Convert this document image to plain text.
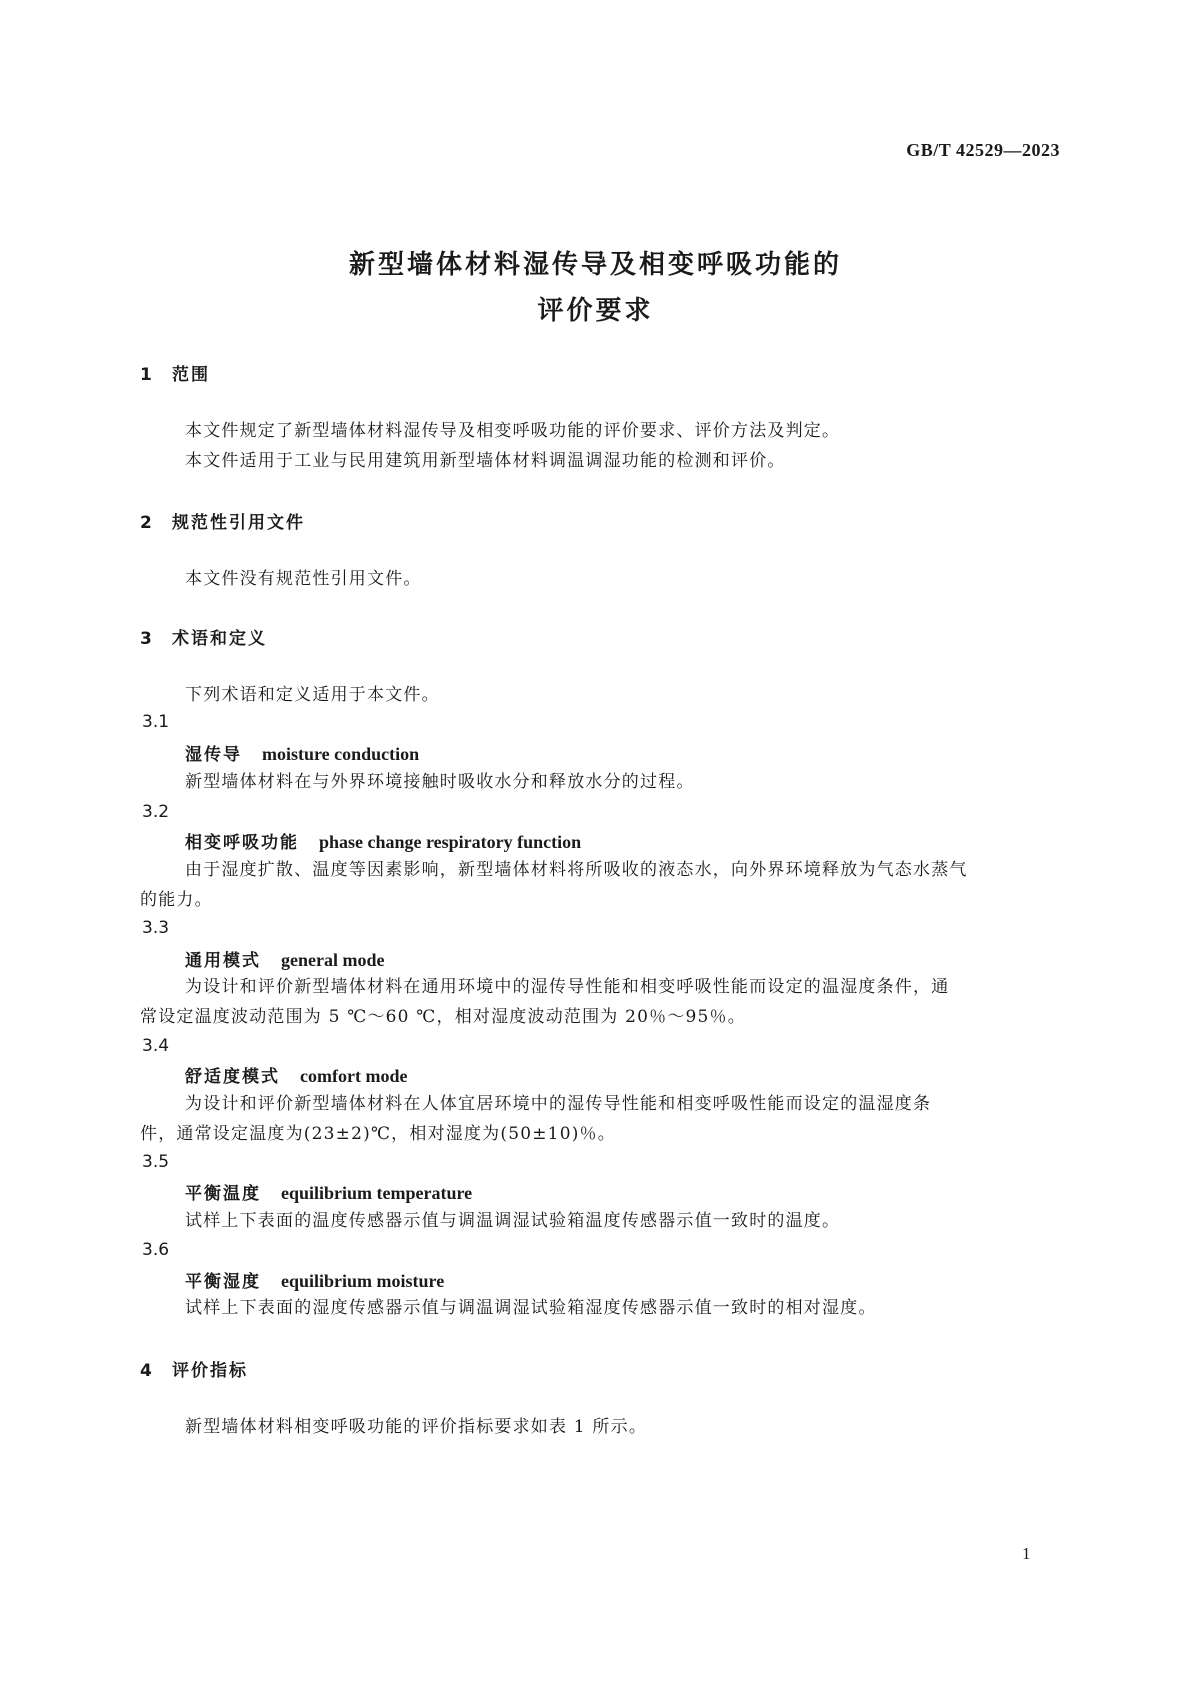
GB/T 42529—2023
新型墙体材料湿传导及相变呼吸功能的
评价要求
1 范围
本文件规定了新型墙体材料湿传导及相变呼吸功能的评价要求、评价方法及判定。
本文件适用于工业与民用建筑用新型墙体材料调温调湿功能的检测和评价。
2 规范性引用文件
本文件没有规范性引用文件。
3 术语和定义
下列术语和定义适用于本文件。
3.1
湿传导 moisture conduction
新型墙体材料在与外界环境接触时吸收水分和释放水分的过程。
3.2
相变呼吸功能 phase change respiratory function
由于湿度扩散、温度等因素影响，新型墙体材料将所吸收的液态水，向外界环境释放为气态水蒸气
的能力。
3.3
通用模式 general mode
为设计和评价新型墙体材料在通用环境中的湿传导性能和相变呼吸性能而设定的温湿度条件，通
常设定温度波动范围为 5 ℃～60 ℃，相对湿度波动范围为 20％～95％。
3.4
舒适度模式 comfort mode
为设计和评价新型墙体材料在人体宜居环境中的湿传导性能和相变呼吸性能而设定的温湿度条
件，通常设定温度为(23±2)℃，相对湿度为(50±10)％。
3.5
平衡温度 equilibrium temperature
试样上下表面的温度传感器示值与调温调湿试验箱温度传感器示值一致时的温度。
3.6
平衡湿度 equilibrium moisture
试样上下表面的湿度传感器示值与调温调湿试验箱湿度传感器示值一致时的相对湿度。
4 评价指标
新型墙体材料相变呼吸功能的评价指标要求如表 1 所示。
1
